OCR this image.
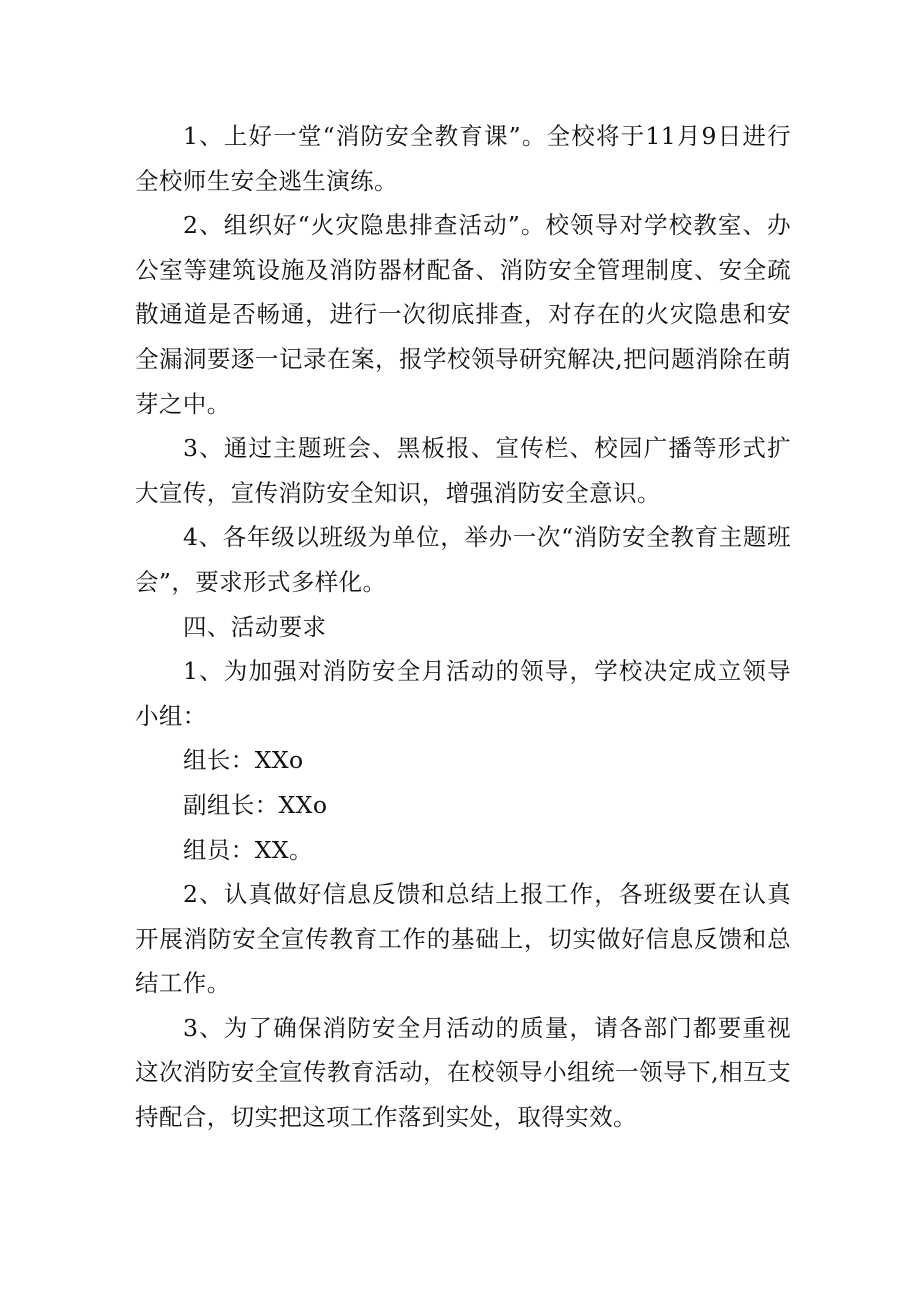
1、上好一堂“消防安全教育课”。全校将于11月9日进行全校师生安全逃生演练。

2、组织好“火灾隐患排查活动”。校领导对学校教室、办公室等建筑设施及消防器材配备、消防安全管理制度、安全疏散通道是否畅通，进行一次彻底排查，对存在的火灾隐患和安全漏洞要逐一记录在案，报学校领导研究解决,把问题消除在萌芽之中。

3、通过主题班会、黑板报、宣传栏、校园广播等形式扩大宣传，宣传消防安全知识，增强消防安全意识。

4、各年级以班级为单位，举办一次“消防安全教育主题班会”，要求形式多样化。

四、活动要求

1、为加强对消防安全月活动的领导，学校决定成立领导小组：

组长：XXo

副组长：XXo

组员：XX。

2、认真做好信息反馈和总结上报工作，各班级要在认真开展消防安全宣传教育工作的基础上，切实做好信息反馈和总结工作。

3、为了确保消防安全月活动的质量，请各部门都要重视这次消防安全宣传教育活动，在校领导小组统一领导下,相互支持配合，切实把这项工作落到实处，取得实效。
